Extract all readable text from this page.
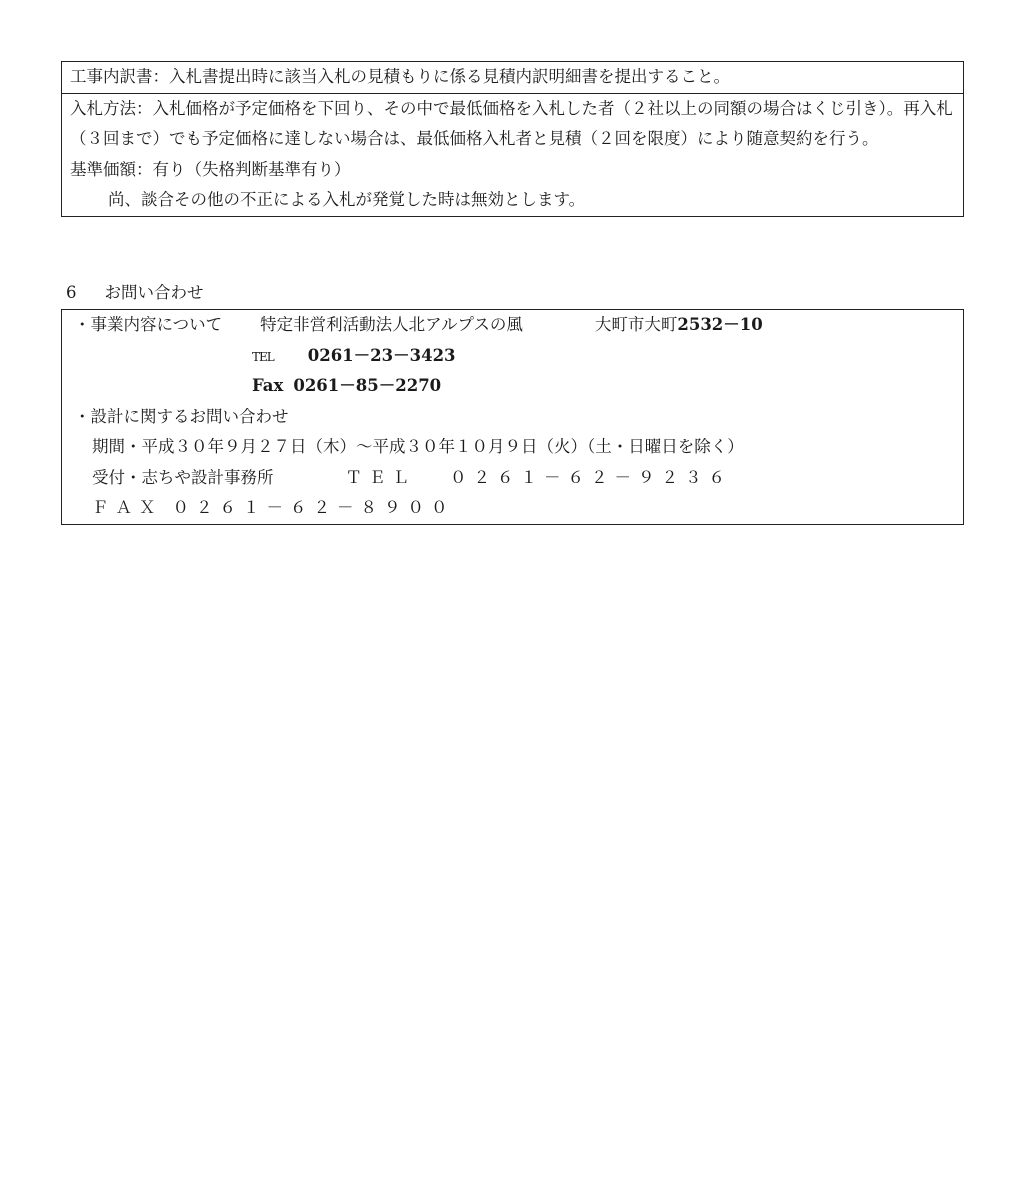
工事内訳書：入札書提出時に該当入札の見積もりに係る見積内訳明細書を提出すること。
入札方法：入札価格が予定価格を下回り、その中で最低価格を入札した者（２社以上の同額の場合はくじ引き）。再入札（３回まで）でも予定価格に達しない場合は、最低価格入札者と見積（２回を限度）により随意契約を行う。
基準価額：有り（失格判断基準有り）
尚、談合その他の不正による入札が発覚した時は無効とします。
6 お問い合わせ
・事業内容について 特定非営利活動法人北アルプスの風	大町市大町2532－10
TEL 0261－23－3423
Fax 0261－85－2270
・設計に関するお問い合わせ
期間・平成３０年９月２７日（木）～平成３０年１０月９日（火）（土・日曜日を除く）
受付・志ちや設計事務所	ＴＥＬ ０２６１－６２－９２３６
ＦＡＸ ０２６１－６２－８９００
